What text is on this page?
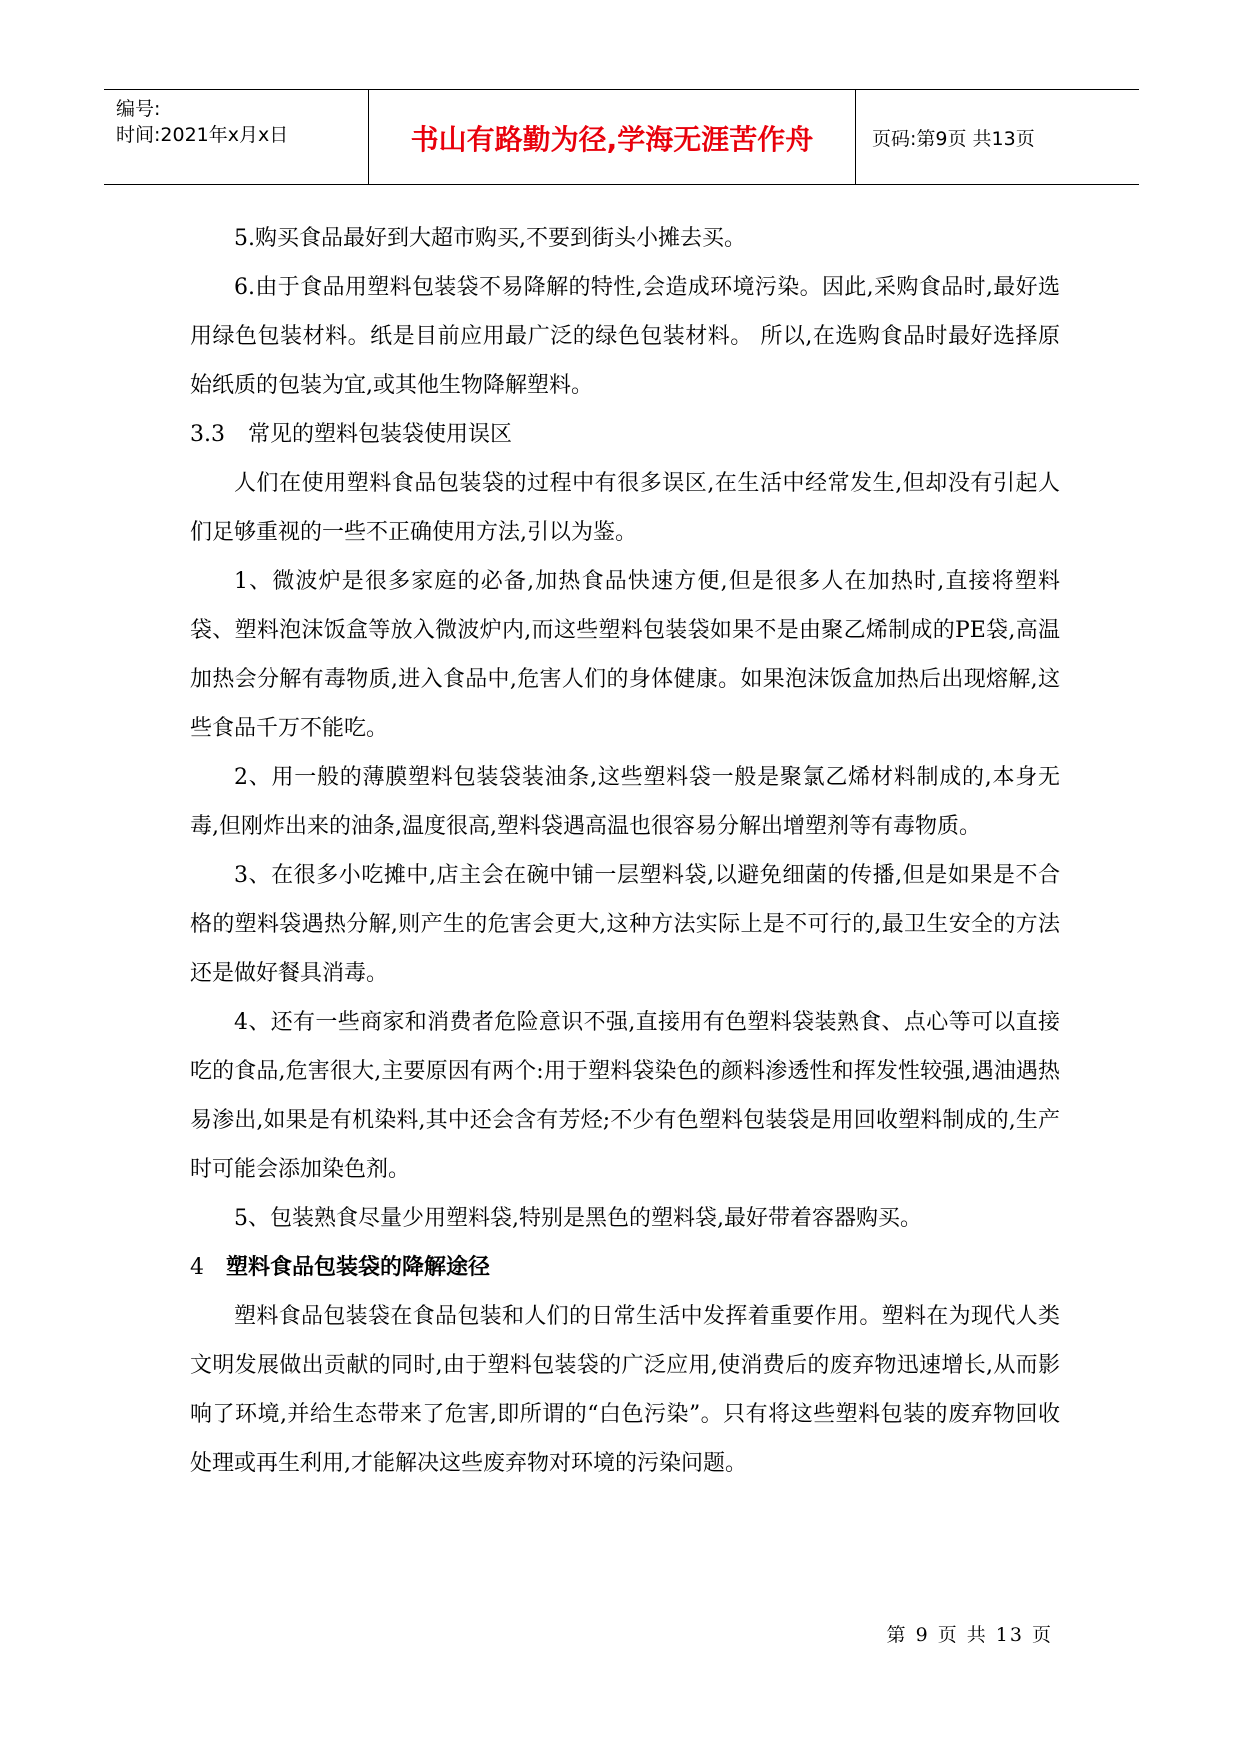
编号:
时间:2021年x月x日	书山有路勤为径,学海无涯苦作舟	页码:第9页 共13页

5.购买食品最好到大超市购买,不要到街头小摊去买。

6.由于食品用塑料包装袋不易降解的特性,会造成环境污染。因此,采购食品时,最好选用绿色包装材料。纸是目前应用最广泛的绿色包装材料。 所以,在选购食品时最好选择原始纸质的包装为宜,或其他生物降解塑料。

3.3 常见的塑料包装袋使用误区

人们在使用塑料食品包装袋的过程中有很多误区,在生活中经常发生,但却没有引起人们足够重视的一些不正确使用方法,引以为鉴。

1、微波炉是很多家庭的必备,加热食品快速方便,但是很多人在加热时,直接将塑料袋、塑料泡沫饭盒等放入微波炉内,而这些塑料包装袋如果不是由聚乙烯制成的PE袋,高温加热会分解有毒物质,进入食品中,危害人们的身体健康。如果泡沫饭盒加热后出现熔解,这些食品千万不能吃。

2、用一般的薄膜塑料包装袋装油条,这些塑料袋一般是聚氯乙烯材料制成的,本身无毒,但刚炸出来的油条,温度很高,塑料袋遇高温也很容易分解出增塑剂等有毒物质。

3、在很多小吃摊中,店主会在碗中铺一层塑料袋,以避免细菌的传播,但是如果是不合格的塑料袋遇热分解,则产生的危害会更大,这种方法实际上是不可行的,最卫生安全的方法还是做好餐具消毒。

4、还有一些商家和消费者危险意识不强,直接用有色塑料袋装熟食、点心等可以直接吃的食品,危害很大,主要原因有两个:用于塑料袋染色的颜料渗透性和挥发性较强,遇油遇热易渗出,如果是有机染料,其中还会含有芳烃;不少有色塑料包装袋是用回收塑料制成的,生产时可能会添加染色剂。

5、包装熟食尽量少用塑料袋,特别是黑色的塑料袋,最好带着容器购买。

4 塑料食品包装袋的降解途径

塑料食品包装袋在食品包装和人们的日常生活中发挥着重要作用。塑料在为现代人类文明发展做出贡献的同时,由于塑料包装袋的广泛应用,使消费后的废弃物迅速增长,从而影响了环境,并给生态带来了危害,即所谓的“白色污染”。只有将这些塑料包装的废弃物回收处理或再生利用,才能解决这些废弃物对环境的污染问题。

第 9 页 共 13 页
